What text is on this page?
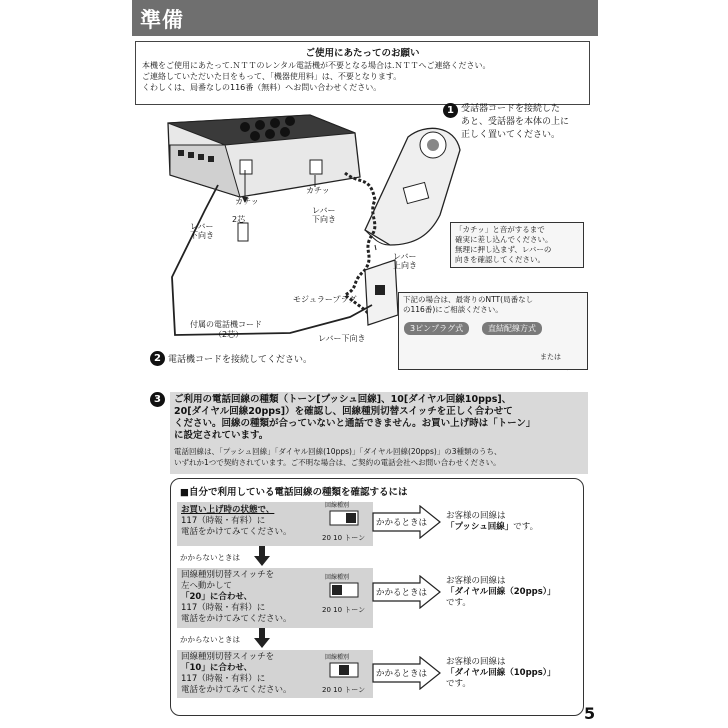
準備
ご使用にあたってのお願い
本機をご使用にあたって.ＮＴＴのレンタル電話機が不要となる場合は.ＮＴＴへご連絡ください。
ご連絡していただいた日をもって、「機器使用料」は、不要となります。
くわしくは、局番なしの116番（無料）へお問い合わせください。
1 受話器コードを接続した
あと、受話器を本体の上に
正しく置いてください。
カチッ
カチッ
レバー
下向き
2芯
レバー
下向き
レバー
上向き
モジュラープラグ
付属の電話機コード
（2芯）	レバー下向き
「カチッ」と音がするまで
確実に差し込んでください。
無理に押し込まず、レバーの
向きを確認してください。
下記の場合は、最寄りのNTT(局番なし
の116番)にご相談ください。
3ピンプラグ式	直結配線方式
または
2 電話機コードを接続してください。
3	ご利用の電話回線の種類（トーン[プッシュ回線]、10[ダイヤル回線10pps]、
20[ダイヤル回線20pps]）を確認し、回線種別切替スイッチを正しく合わせて
ください。回線の種類が合っていないと通話できません。お買い上げ時は「トーン」
に設定されています。
電話回線は、「プッシュ回線」「ダイヤル回線(10pps)」「ダイヤル回線(20pps)」の3種類のうち、
いずれか1つで契約されています。ご不明な場合は、ご契約の電話会社へお問い合わせください。
■自分で利用している電話回線の種類を確認するには
お買い上げ時の状態で、
117（時報・有料）に
電話をかけてみてください。
回線種別
20 10 トーン
かかるときは
お客様の回線は
「プッシュ回線」です。
かからないときは
回線種別切替スイッチを
左へ動かして
「20」に合わせ、
117（時報・有料）に
電話をかけてみてください。
回線種別
20 10 トーン
かかるときは
お客様の回線は
「ダイヤル回線（20pps）」
です。
かからないときは
回線種別切替スイッチを
「10」に合わせ、
117（時報・有料）に
電話をかけてみてください。
回線種別
20 10 トーン
かかるときは
お客様の回線は
「ダイヤル回線（10pps）」
です。
5
